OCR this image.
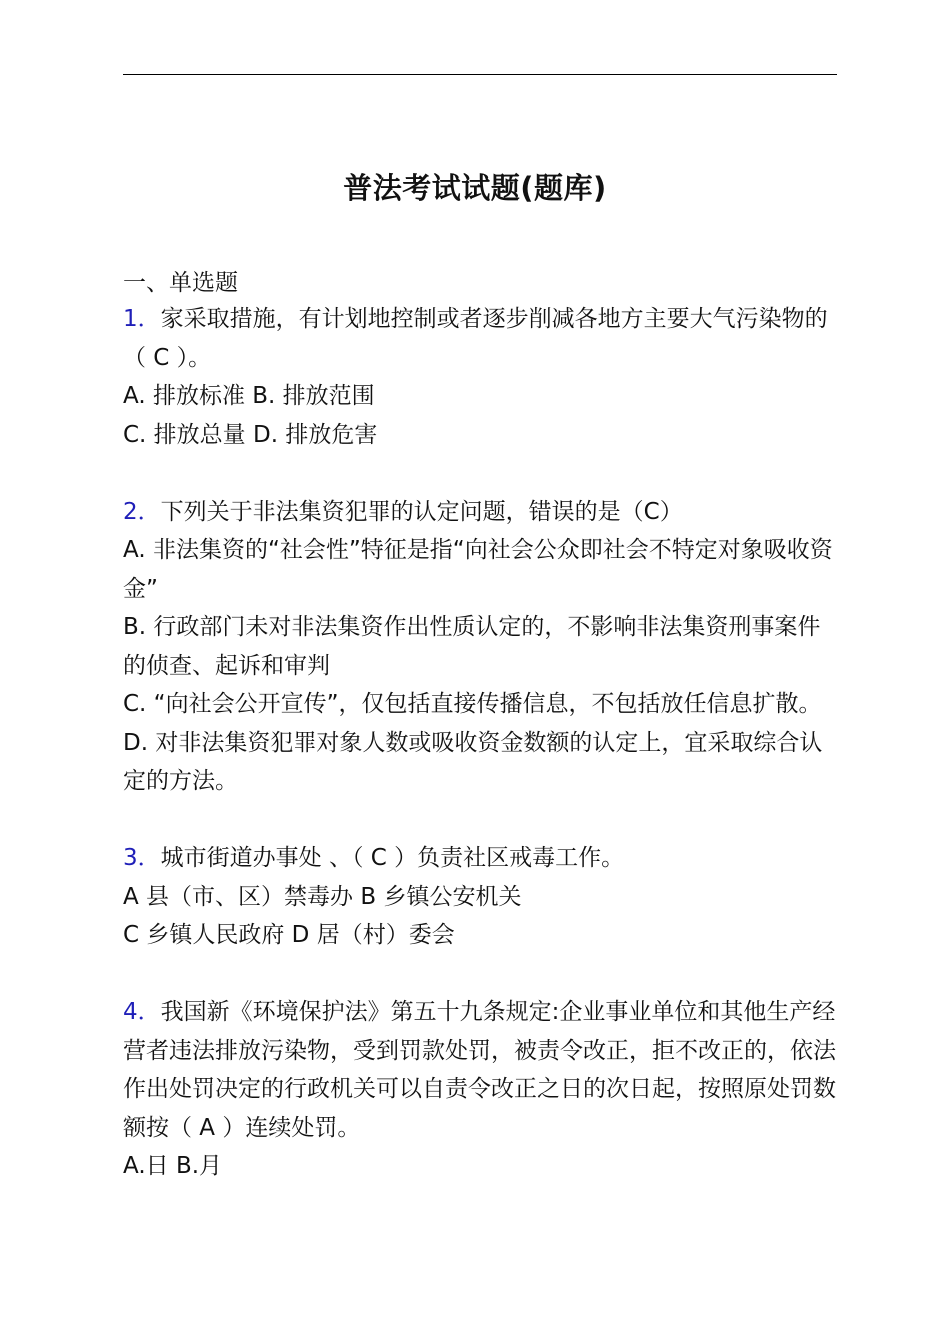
普法考试试题(题库)
一、单选题
1．家采取措施，有计划地控制或者逐步削减各地方主要大气污染物的（ C ）。
A. 排放标准 B. 排放范围
C. 排放总量 D. 排放危害
2．下列关于非法集资犯罪的认定问题，错误的是（C）
A. 非法集资的“社会性”特征是指“向社会公众即社会不特定对象吸收资金”
B. 行政部门未对非法集资作出性质认定的，不影响非法集资刑事案件的侦查、起诉和审判
C. “向社会公开宣传”，仅包括直接传播信息，不包括放任信息扩散。
D. 对非法集资犯罪对象人数或吸收资金数额的认定上，宜采取综合认定的方法。
3．城市街道办事处 、（ C ）负责社区戒毒工作。
A 县（市、区）禁毒办 B 乡镇公安机关
C 乡镇人民政府 D 居（村）委会
4．我国新《环境保护法》第五十九条规定:企业事业单位和其他生产经营者违法排放污染物，受到罚款处罚，被责令改正，拒不改正的，依法作出处罚决定的行政机关可以自责令改正之日的次日起，按照原处罚数额按（ A ）连续处罚。
A.日 B.月
